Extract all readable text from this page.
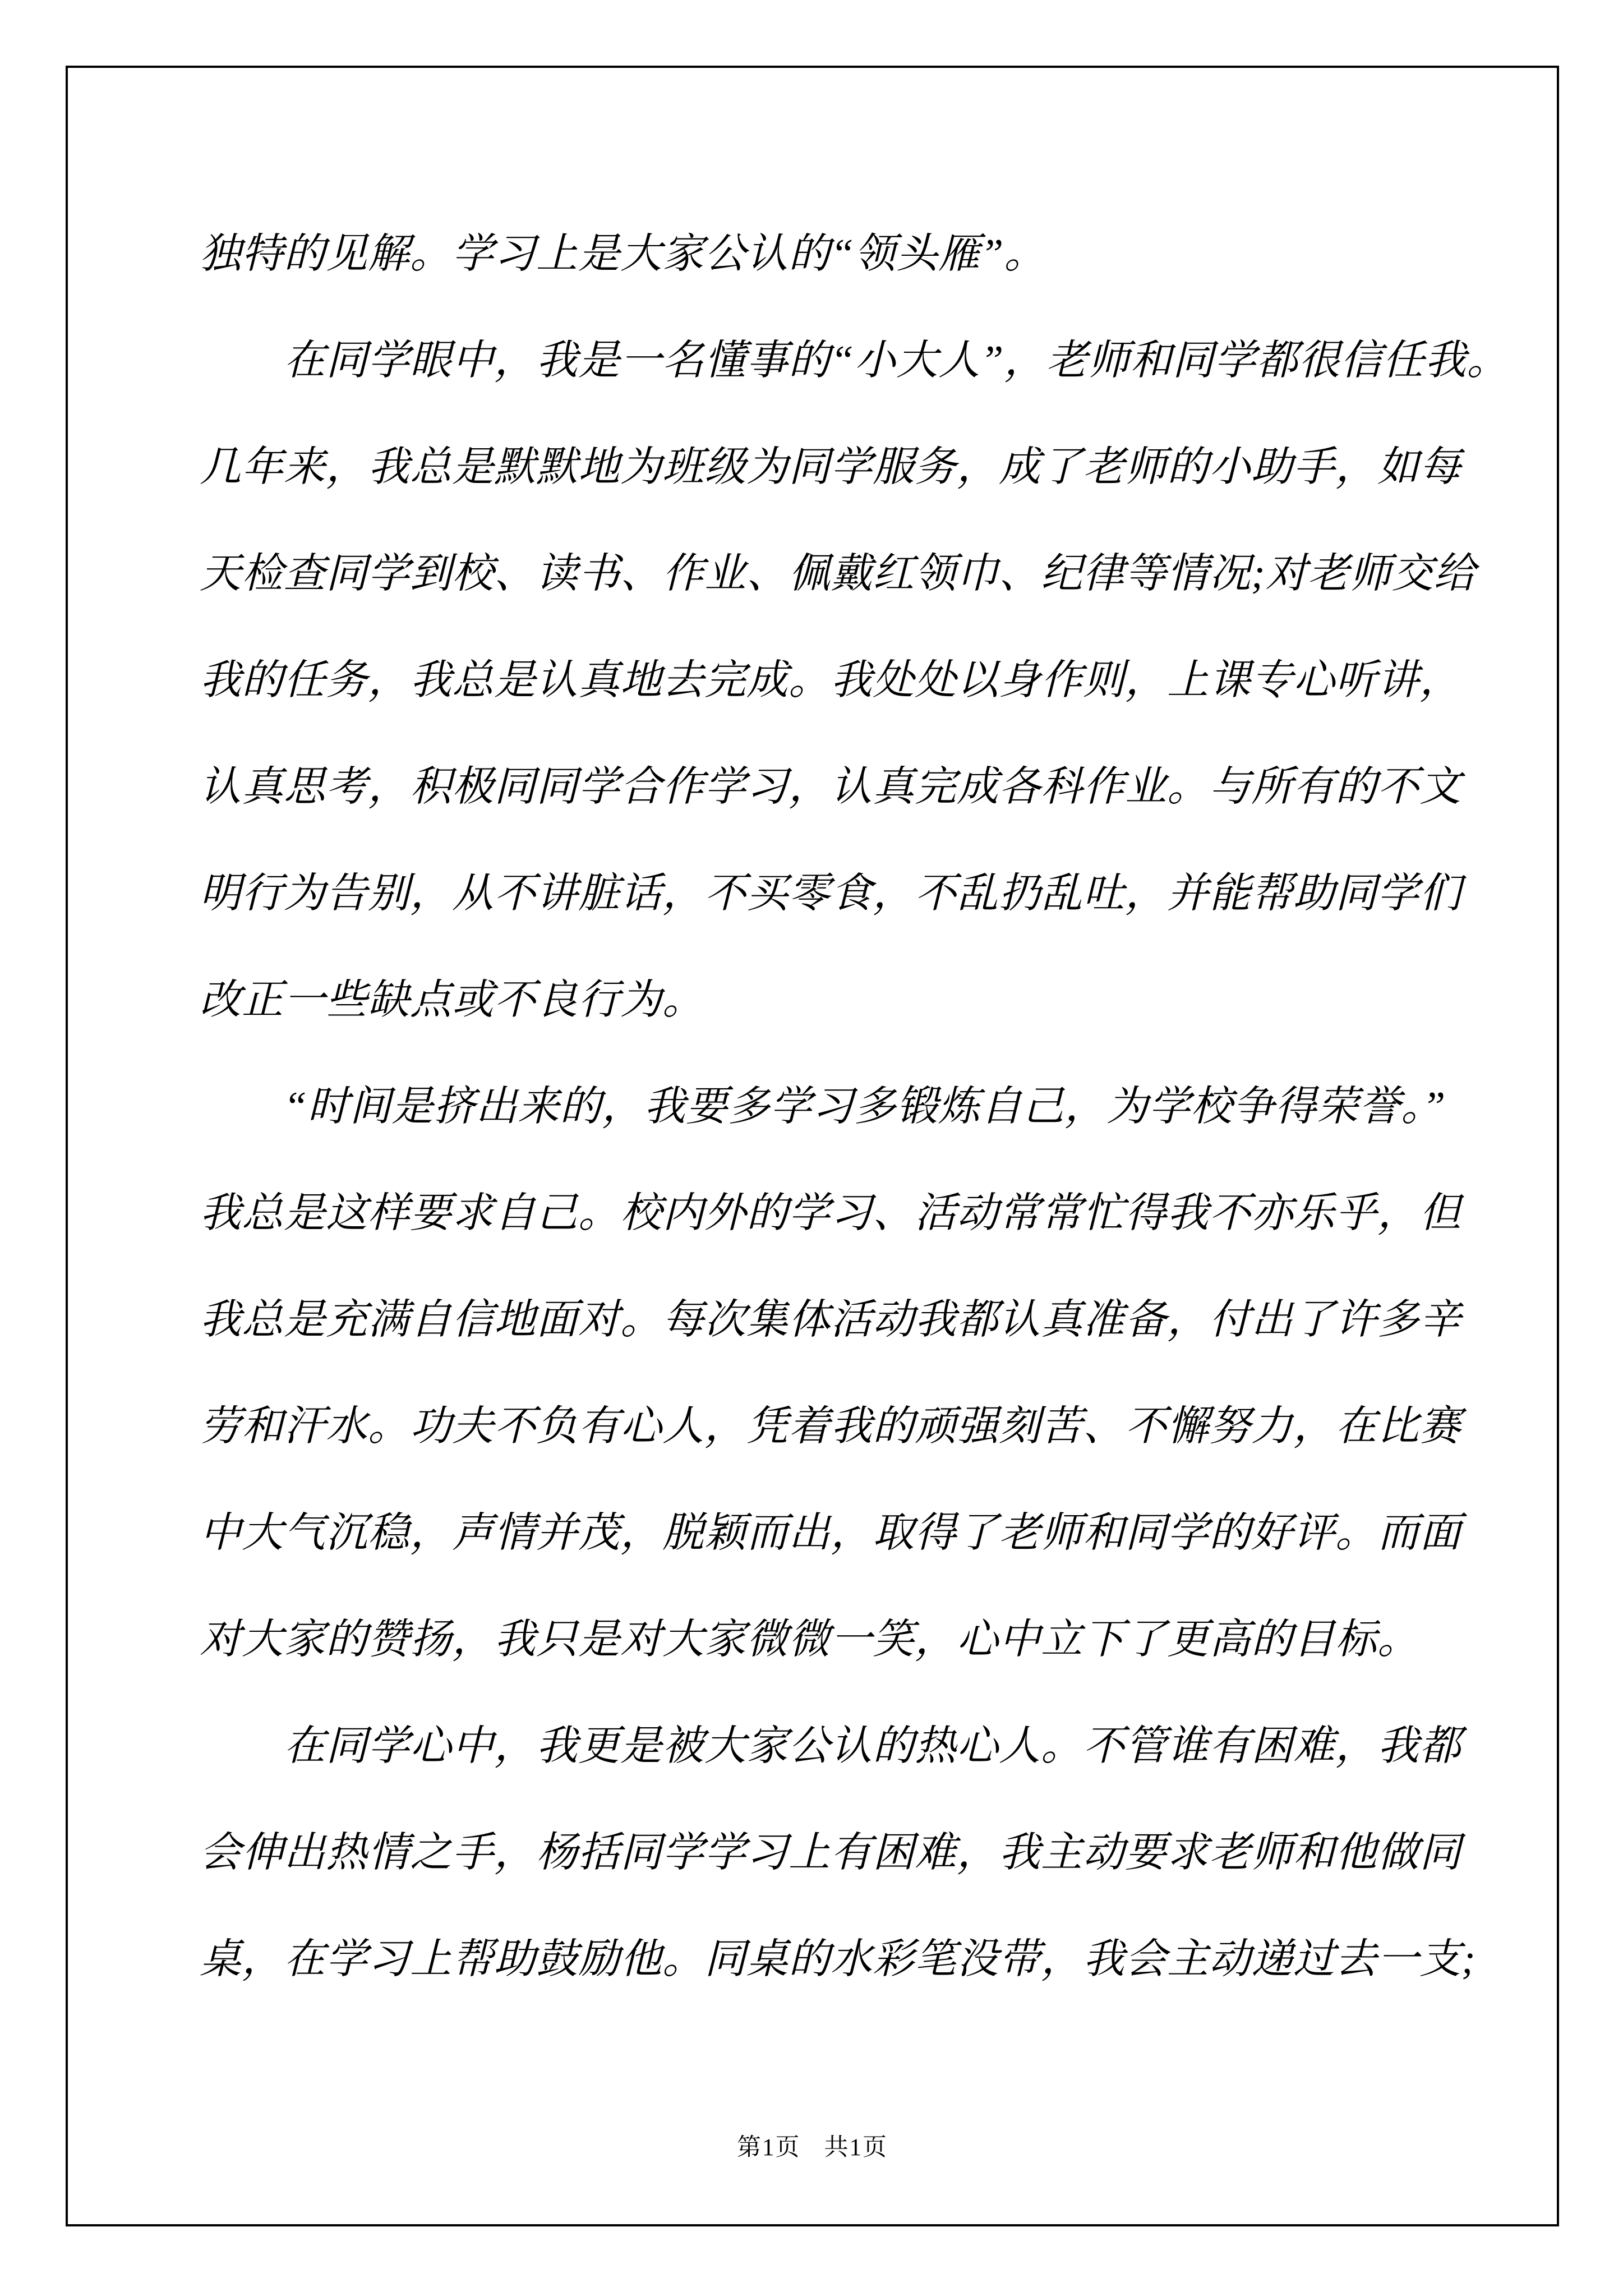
独特的见解。学习上是大家公认的“领头雁”。
在同学眼中，我是一名懂事的“小大人”，老师和同学都很信任我。
几年来，我总是默默地为班级为同学服务，成了老师的小助手，如每
天检查同学到校、读书、作业、佩戴红领巾、纪律等情况;对老师交给
我的任务，我总是认真地去完成。我处处以身作则，上课专心听讲，
认真思考，积极同同学合作学习，认真完成各科作业。与所有的不文
明行为告别，从不讲脏话，不买零食，不乱扔乱吐，并能帮助同学们
改正一些缺点或不良行为。
“时间是挤出来的，我要多学习多锻炼自己，为学校争得荣誉。”
我总是这样要求自己。校内外的学习、活动常常忙得我不亦乐乎，但
我总是充满自信地面对。每次集体活动我都认真准备，付出了许多辛
劳和汗水。功夫不负有心人，凭着我的顽强刻苦、不懈努力，在比赛
中大气沉稳，声情并茂，脱颖而出，取得了老师和同学的好评。而面
对大家的赞扬，我只是对大家微微一笑，心中立下了更高的目标。
在同学心中，我更是被大家公认的热心人。不管谁有困难，我都
会伸出热情之手，杨括同学学习上有困难，我主动要求老师和他做同
桌，在学习上帮助鼓励他。同桌的水彩笔没带，我会主动递过去一支;
第1页 共1页
